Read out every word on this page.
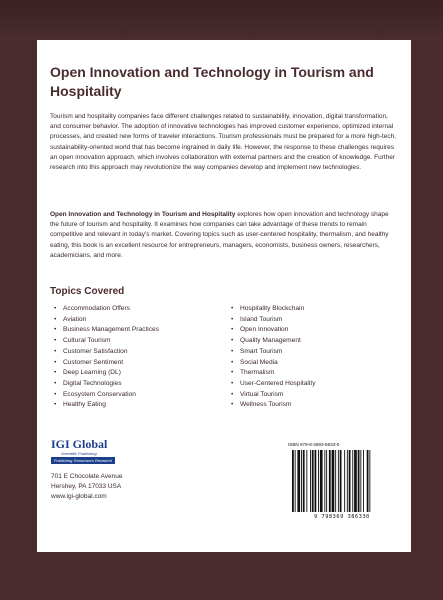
Open Innovation and Technology in Tourism and Hospitality
Tourism and hospitality companies face different challenges related to sustainability, innovation, digital transformation, and consumer behavior. The adoption of innovative technologies has improved customer experience, optimized internal processes, and created new forms of traveler interactions. Tourism professionals must be prepared for a more high-tech, sustainability-oriented world that has become ingrained in daily life. However, the response to these challenges requires an open innovation approach, which involves collaboration with external partners and the creation of knowledge. Further research into this approach may revolutionize the way companies develop and implement new technologies.
Open Innovation and Technology in Tourism and Hospitality explores how open innovation and technology shape the future of tourism and hospitality. It examines how companies can take advantage of these trends to remain competitive and relevant in today's market. Covering topics such as user-centered hospitality, thermalism, and healthy eating, this book is an excellent resource for entrepreneurs, managers, economists, business owners, researchers, academicians, and more.
Topics Covered
• Accommodation Offers
• Aviation
• Business Management Practices
• Cultural Tourism
• Customer Satisfaction
• Customer Sentiment
• Deep Learning (DL)
• Digital Technologies
• Ecosystem Conservation
• Healthy Eating
• Hospitality Blockchain
• Island Tourism
• Open Innovation
• Quality Management
• Smart Tourism
• Social Media
• Thermalism
• User-Centered Hospitality
• Virtual Tourism
• Wellness Tourism
IGI Global
Scientific Publishing
Publishing Tomorrow's Research Today
701 E Chocolate Avenue
Hershey, PA 17033 USA
www.igi-global.com
ISBN 979-8-3693-8633-0
9 798369 386330
